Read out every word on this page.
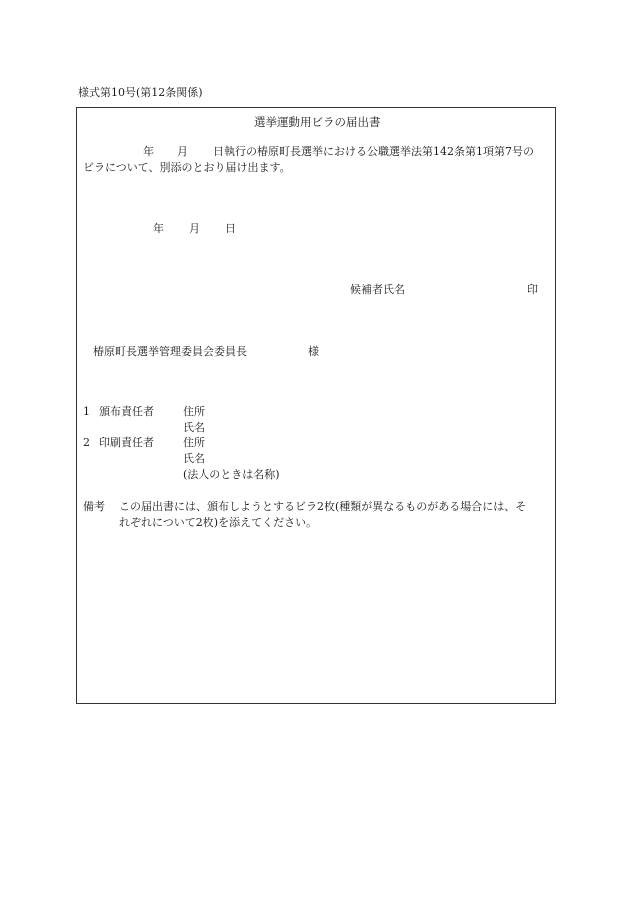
様式第10号(第12条関係)
選挙運動用ビラの届出書
年 月 日執行の椿原町長選挙における公職選挙法第142条第1項第7号の
ビラについて、別添のとおり届け出ます。
年 月 日
候補者氏名	印
椿原町長選挙管理委員会委員長	様
1 頒布責任者	住所
氏名
2 印刷責任者	住所
氏名
(法人のときは名称)
備考 この届出書には、頒布しようとするビラ2枚(種類が異なるものがある場合には、そ
れぞれについて2枚)を添えてください。
